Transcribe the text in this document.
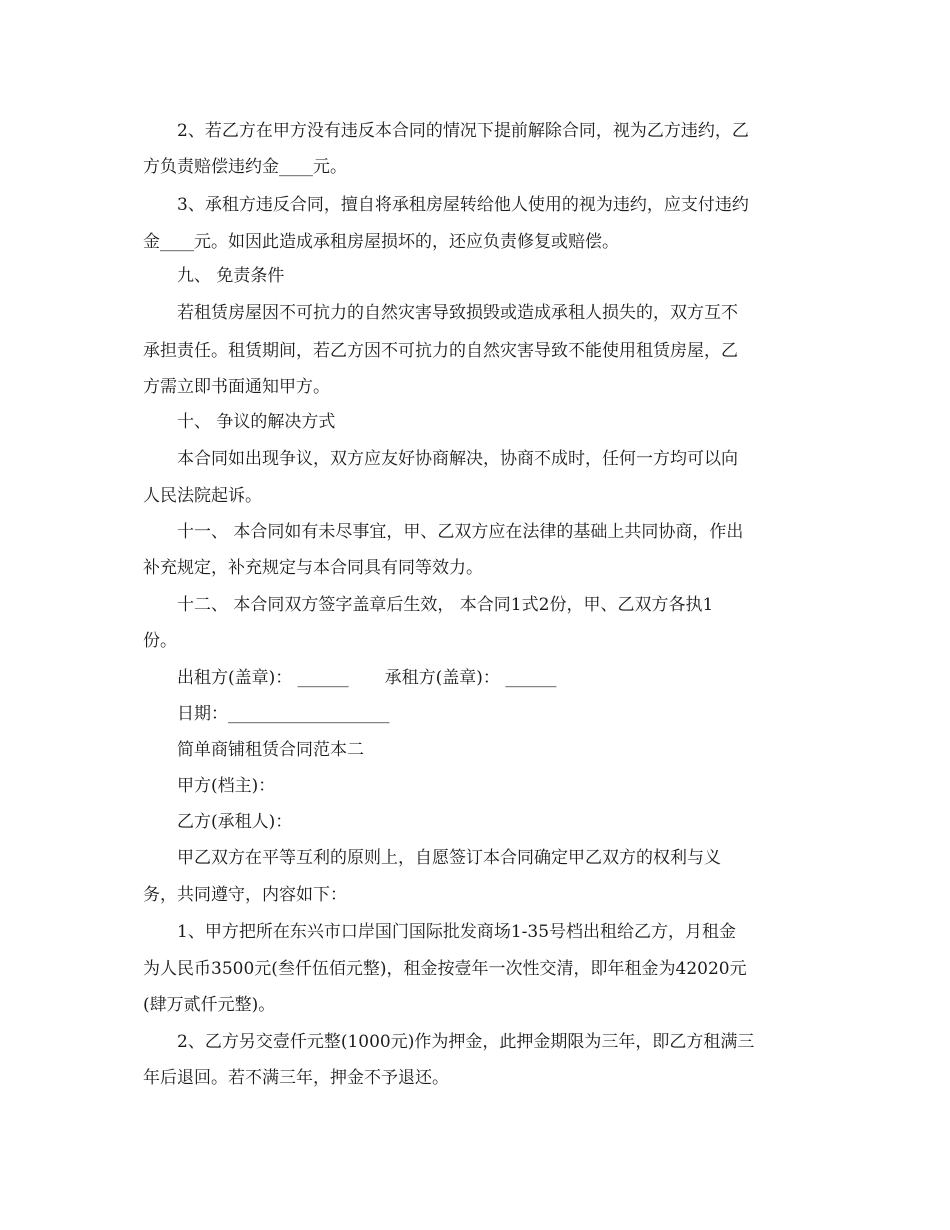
2、若乙方在甲方没有违反本合同的情况下提前解除合同，视为乙方违约，乙
方负责赔偿违约金____元。
3、承租方违反合同，擅自将承租房屋转给他人使用的视为违约，应支付违约
金____元。如因此造成承租房屋损坏的，还应负责修复或赔偿。
九、 免责条件
若租赁房屋因不可抗力的自然灾害导致损毁或造成承租人损失的，双方互不
承担责任。租赁期间，若乙方因不可抗力的自然灾害导致不能使用租赁房屋，乙
方需立即书面通知甲方。
十、 争议的解决方式
本合同如出现争议，双方应友好协商解决，协商不成时，任何一方均可以向
人民法院起诉。
十一、 本合同如有未尽事宜，甲、乙双方应在法律的基础上共同协商，作出
补充规定，补充规定与本合同具有同等效力。
十二、 本合同双方签字盖章后生效， 本合同1式2份，甲、乙双方各执1
份。
出租方(盖章)： ______ 承租方(盖章)： ______
日期：___________________
简单商铺租赁合同范本二
甲方(档主)：
乙方(承租人)：
甲乙双方在平等互利的原则上，自愿签订本合同确定甲乙双方的权利与义
务，共同遵守，内容如下：
1、甲方把所在东兴市口岸国门国际批发商场1-35号档出租给乙方，月租金
为人民币3500元(叁仟伍佰元整)，租金按壹年一次性交清，即年租金为42020元
(肆万贰仟元整)。
2、乙方另交壹仟元整(1000元)作为押金，此押金期限为三年，即乙方租满三
年后退回。若不满三年，押金不予退还。
